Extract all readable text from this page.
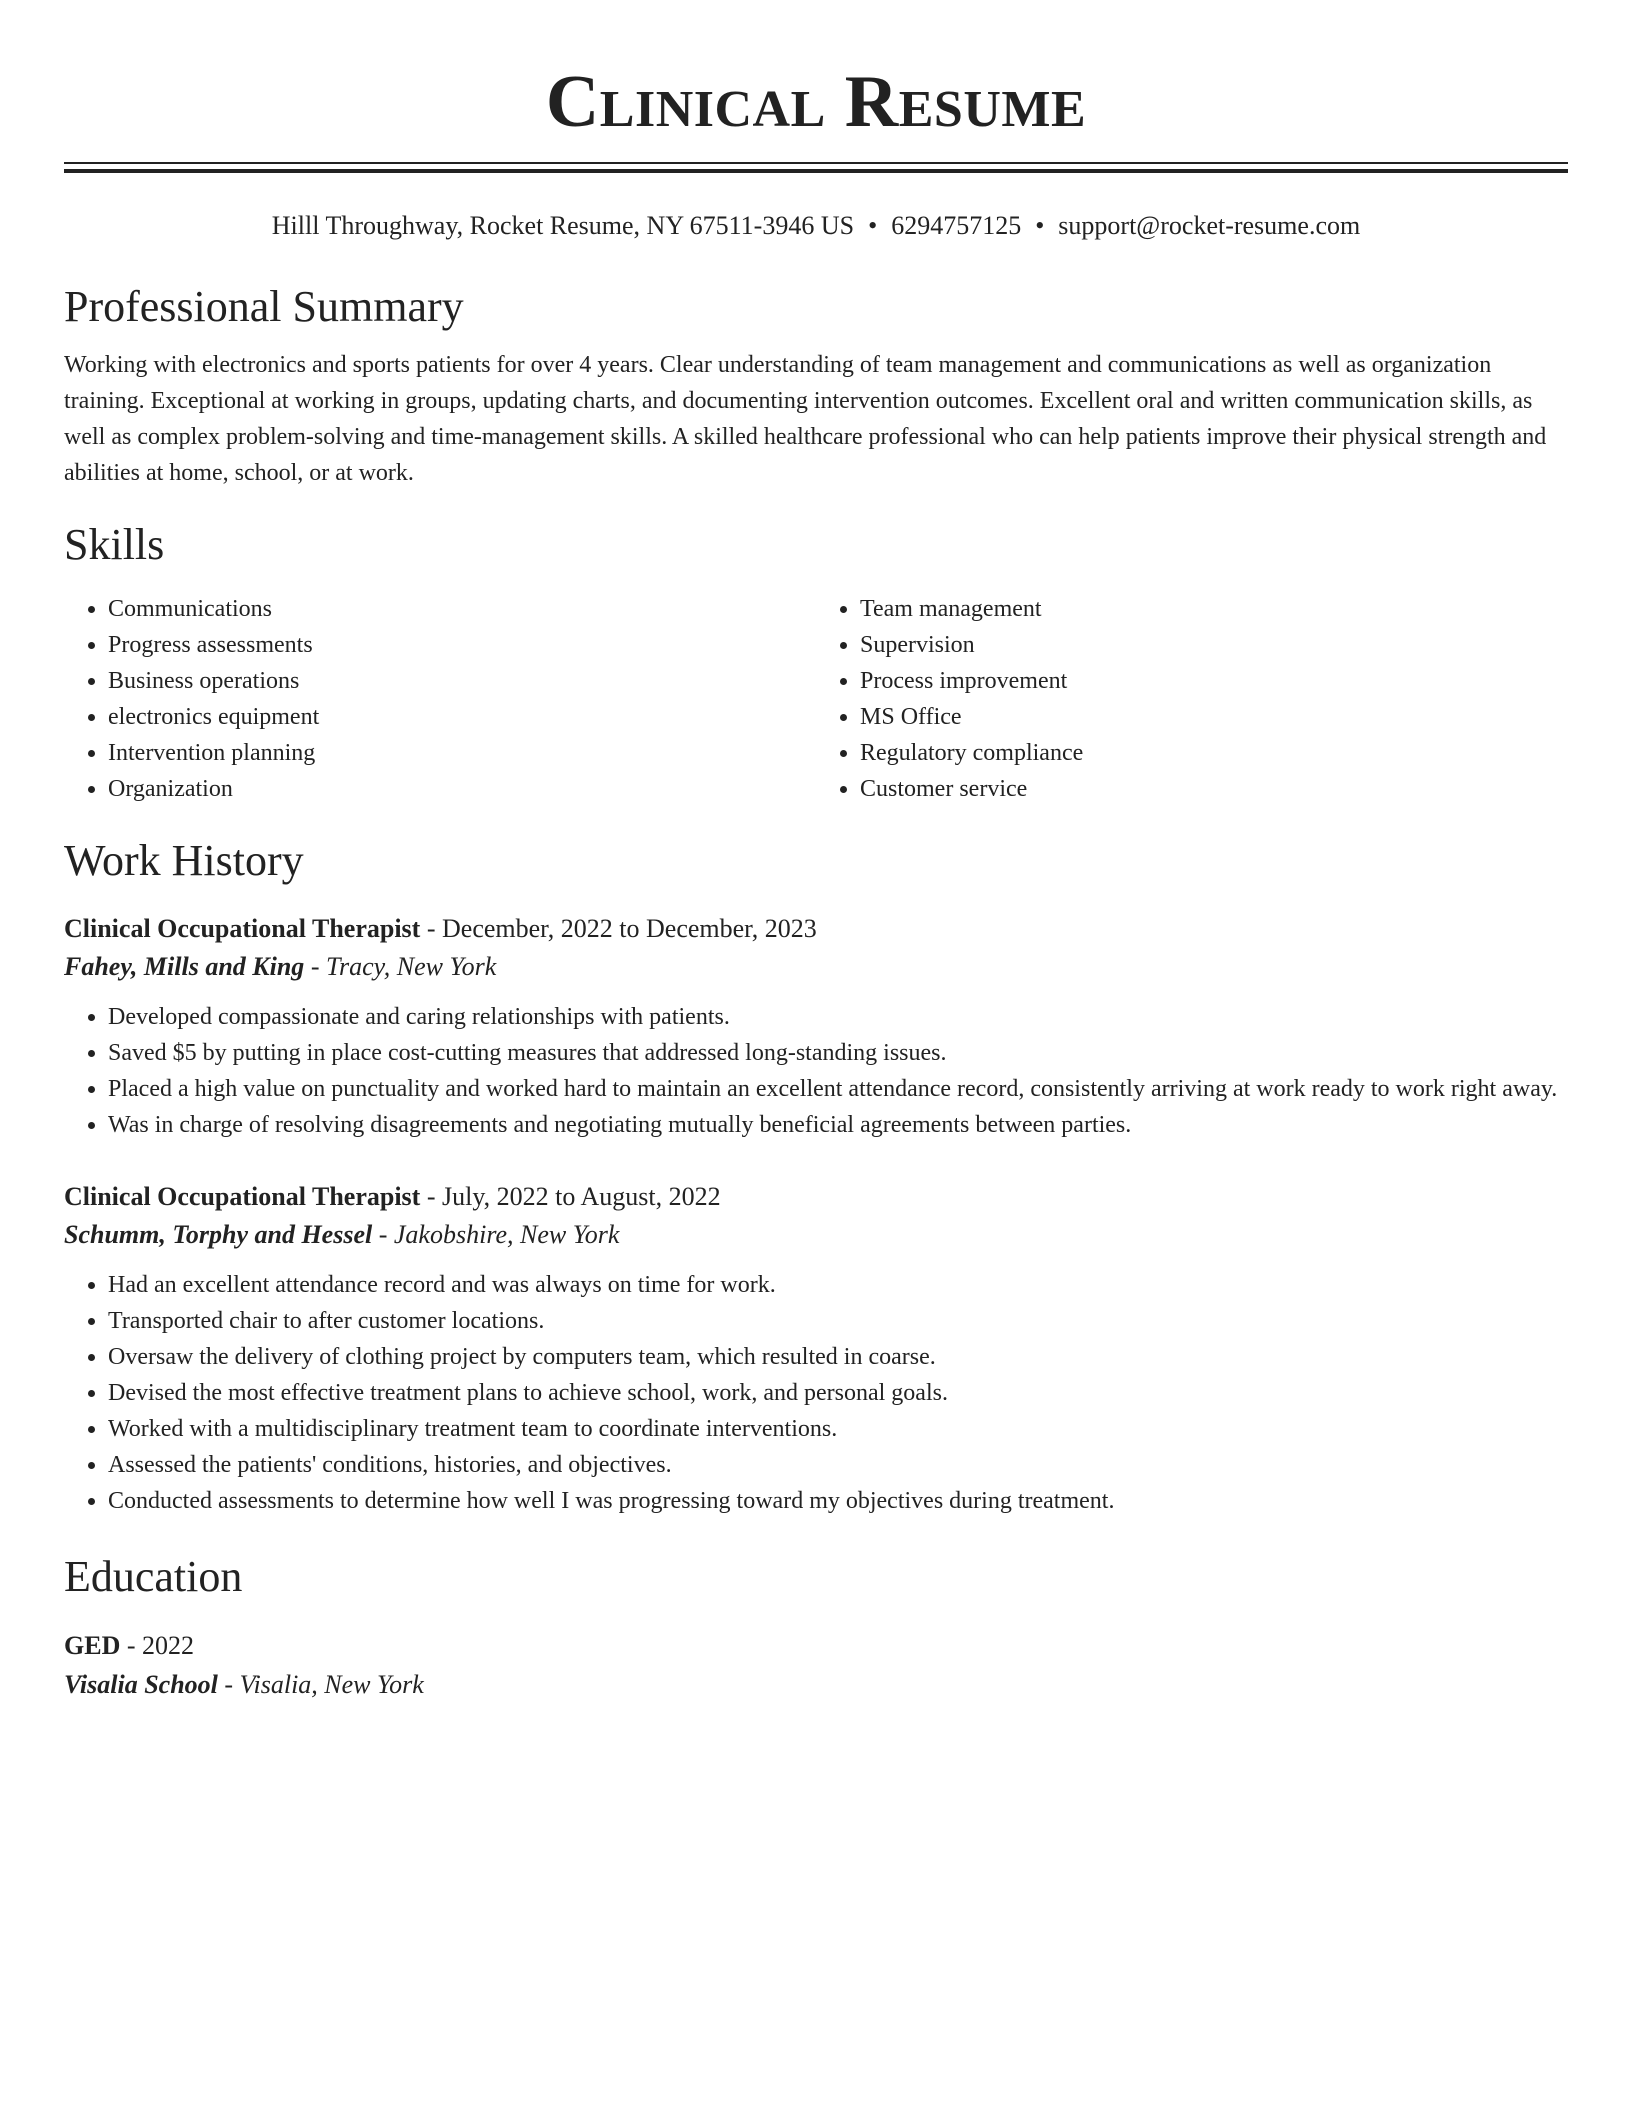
Clinical Resume
Hilll Throughway, Rocket Resume, NY 67511-3946 US • 6294757125 • support@rocket-resume.com
Professional Summary

Working with electronics and sports patients for over 4 years. Clear understanding of team management and communications as well as organization training. Exceptional at working in groups, updating charts, and documenting intervention outcomes. Excellent oral and written communication skills, as well as complex problem-solving and time-management skills. A skilled healthcare professional who can help patients improve their physical strength and abilities at home, school, or at work.

Skills
• Communications
• Progress assessments
• Business operations
• electronics equipment
• Intervention planning
• Organization
• Team management
• Supervision
• Process improvement
• MS Office
• Regulatory compliance
• Customer service
Work History
Clinical Occupational Therapist - December, 2022 to December, 2023
Fahey, Mills and King - Tracy, New York
• Developed compassionate and caring relationships with patients.
• Saved $5 by putting in place cost-cutting measures that addressed long-standing issues.
• Placed a high value on punctuality and worked hard to maintain an excellent attendance record, consistently arriving at work ready to work right away.
• Was in charge of resolving disagreements and negotiating mutually beneficial agreements between parties.
Clinical Occupational Therapist - July, 2022 to August, 2022
Schumm, Torphy and Hessel - Jakobshire, New York
• Had an excellent attendance record and was always on time for work.
• Transported chair to after customer locations.
• Oversaw the delivery of clothing project by computers team, which resulted in coarse.
• Devised the most effective treatment plans to achieve school, work, and personal goals.
• Worked with a multidisciplinary treatment team to coordinate interventions.
• Assessed the patients' conditions, histories, and objectives.
• Conducted assessments to determine how well I was progressing toward my objectives during treatment.
Education
GED - 2022
Visalia School - Visalia, New York
